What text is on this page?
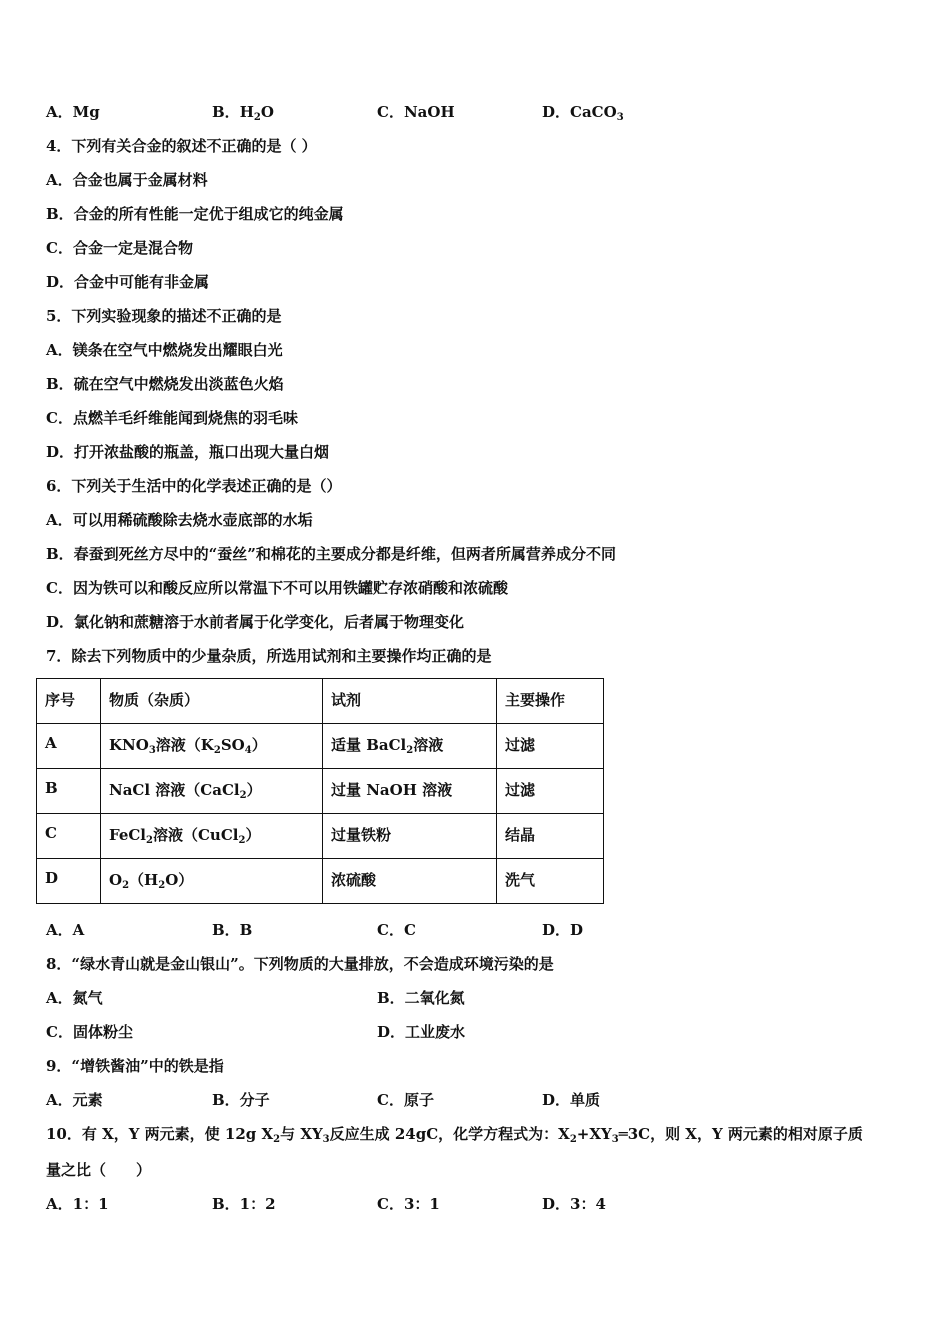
A．Mg	B．$H_2O$	C．NaOH	D．CaCO$_3$
4．下列有关合金的叙述不正确的是（ ）
A．合金也属于金属材料
B．合金的所有性能一定优于组成它的纯金属
C．合金一定是混合物
D．合金中可能有非金属
5．下列实验现象的描述不正确的是
A．镁条在空气中燃烧发出耀眼白光
B．硫在空气中燃烧发出淡蓝色火焰
C．点燃羊毛纤维能闻到烧焦的羽毛味
D．打开浓盐酸的瓶盖，瓶口出现大量白烟
6．下列关于生活中的化学表述正确的是（）
A．可以用稀硫酸除去烧水壶底部的水垢
B．春蚕到死丝方尽中的“蚕丝”和棉花的主要成分都是纤维，但两者所属营养成分不同
C．因为铁可以和酸反应所以常温下不可以用铁罐贮存浓硝酸和浓硫酸
D．氯化钠和蔗糖溶于水前者属于化学变化，后者属于物理变化
7．除去下列物质中的少量杂质，所选用试剂和主要操作均正确的是
序号	物质（杂质）	试剂	主要操作
A	$KNO_3$溶液$(K_2SO_4)$	适量 BaCl$_2$溶液	过滤
B	NaCl 溶液（CaCl$_2$）	过量 NaOH 溶液	过滤
C	FeCl$_2$溶液（CuCl$_2$）	过量铁粉	结晶
D	$O_2(H_2O)$	浓硫酸	洗气
A．A	B．B	C．C	D．D
8．“绿水青山就是金山银山”。下列物质的大量排放，不会造成环境污染的是
A．氮气	B．二氧化氮
C．固体粉尘	D．工业废水
9．“增铁酱油”中的铁是指
A．元素	B．分子	C．原子	D．单质
10．有 X，Y 两元素，使 12g $X_2$与 $XY_3$反应生成 24gC，化学方程式为：$X_2+XY_3═3C$，则 X，Y 两元素的相对原子质
量之比（　　）
A．1：1	B．1：2	C．3：1	D．3：4
